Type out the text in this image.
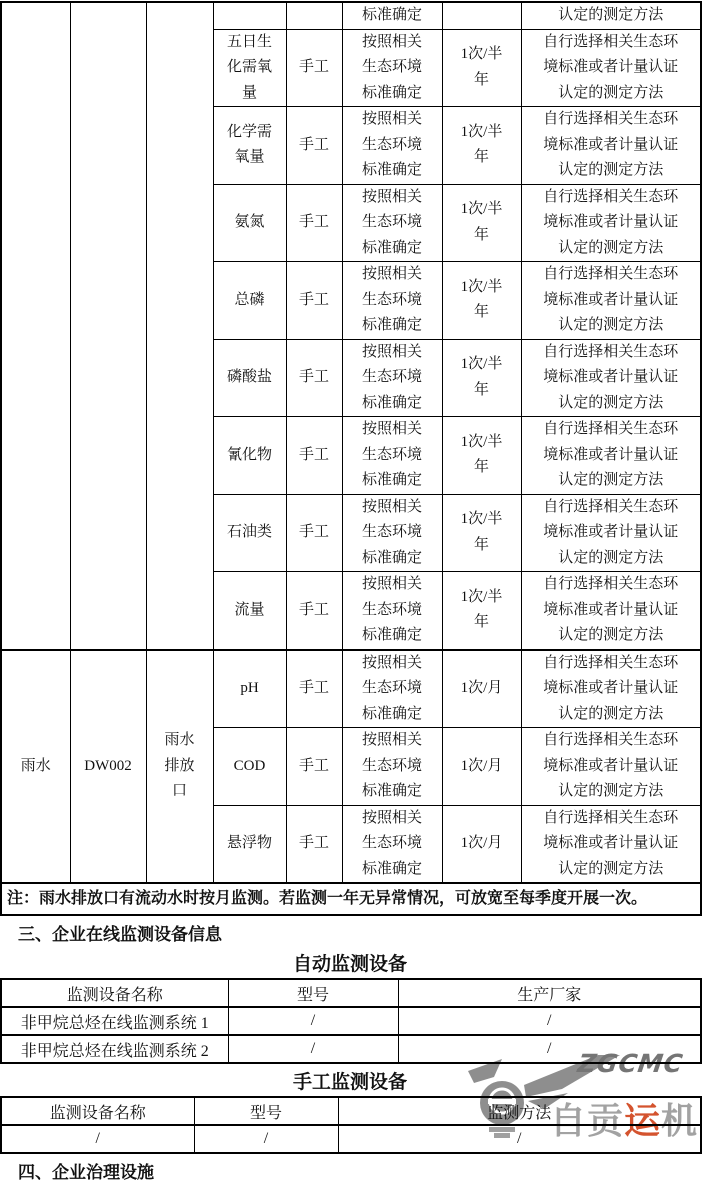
ZGCMC
自贡运机
					标准确定		认定的测定方法
			五日生化需氧量	手工	按照相关生态环境标准确定	1次/半年	自行选择相关生态环境标准或者计量认证认定的测定方法
			化学需氧量	手工	按照相关生态环境标准确定	1次/半年	自行选择相关生态环境标准或者计量认证认定的测定方法
			氨氮	手工	按照相关生态环境标准确定	1次/半年	自行选择相关生态环境标准或者计量认证认定的测定方法
			总磷	手工	按照相关生态环境标准确定	1次/半年	自行选择相关生态环境标准或者计量认证认定的测定方法
			磷酸盐	手工	按照相关生态环境标准确定	1次/半年	自行选择相关生态环境标准或者计量认证认定的测定方法
			氰化物	手工	按照相关生态环境标准确定	1次/半年	自行选择相关生态环境标准或者计量认证认定的测定方法
			石油类	手工	按照相关生态环境标准确定	1次/半年	自行选择相关生态环境标准或者计量认证认定的测定方法
			流量	手工	按照相关生态环境标准确定	1次/半年	自行选择相关生态环境标准或者计量认证认定的测定方法
雨水	DW002	雨水排放口	pH	手工	按照相关生态环境标准确定	1次/月	自行选择相关生态环境标准或者计量认证认定的测定方法
			COD	手工	按照相关生态环境标准确定	1次/月	自行选择相关生态环境标准或者计量认证认定的测定方法
			悬浮物	手工	按照相关生态环境标准确定	1次/月	自行选择相关生态环境标准或者计量认证认定的测定方法
注：雨水排放口有流动水时按月监测。若监测一年无异常情况，可放宽至每季度开展一次。							
三、企业在线监测设备信息
自动监测设备
监测设备名称	型号	生产厂家
非甲烷总烃在线监测系统 1	/	/
非甲烷总烃在线监测系统 2	/	/
手工监测设备
监测设备名称	型号	监测方法
/	/	/
四、企业治理设施
